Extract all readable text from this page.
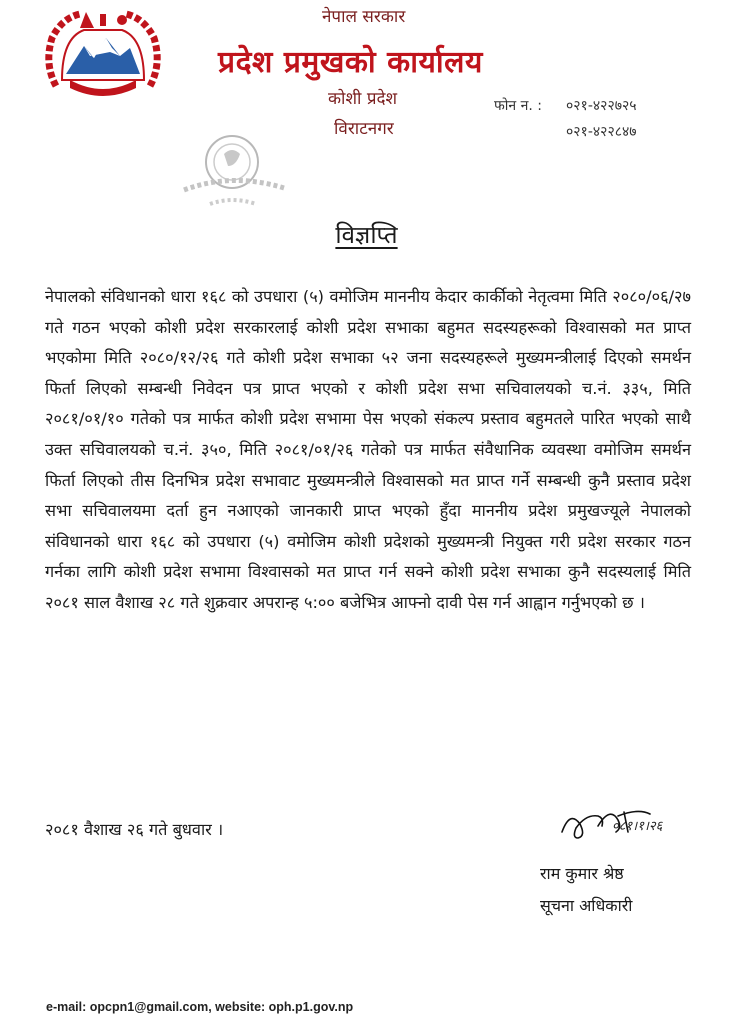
नेपाल सरकार
प्रदेश प्रमुखको कार्यालय
कोशी प्रदेश
विराटनगर
फोन न. : ०२१-४२२७२५
०२१-४२२८४७
विज्ञप्ति
नेपालको संविधानको धारा १६८ को उपधारा (५) वमोजिम माननीय केदार कार्कीको नेतृत्वमा मिति २०८०/०६/२७ गते गठन भएको कोशी प्रदेश सरकारलाई कोशी प्रदेश सभाका बहुमत सदस्यहरूको विश्वासको मत प्राप्त भएकोमा मिति २०८०/१२/२६ गते कोशी प्रदेश सभाका ५२ जना सदस्यहरूले मुख्यमन्त्रीलाई दिएको समर्थन फिर्ता लिएको सम्बन्धी निवेदन पत्र प्राप्त भएको र कोशी प्रदेश सभा सचिवालयको च.नं. ३३५, मिति २०८१/०१/१० गतेको पत्र मार्फत कोशी प्रदेश सभामा पेस भएको संकल्प प्रस्ताव बहुमतले पारित भएको साथै उक्त सचिवालयको च.नं. ३५०, मिति २०८१/०१/२६ गतेको पत्र मार्फत संवैधानिक व्यवस्था वमोजिम समर्थन फिर्ता लिएको तीस दिनभित्र प्रदेश सभावाट मुख्यमन्त्रीले विश्वासको मत प्राप्त गर्ने सम्बन्धी कुनै प्रस्ताव प्रदेश सभा सचिवालयमा दर्ता हुन नआएको जानकारी प्राप्त भएको हुँदा माननीय प्रदेश प्रमुखज्यूले नेपालको संविधानको धारा १६८ को उपधारा (५) वमोजिम कोशी प्रदेशको मुख्यमन्त्री नियुक्त गरी प्रदेश सरकार गठन गर्नका लागि कोशी प्रदेश सभामा विश्वासको मत प्राप्त गर्न सक्ने कोशी प्रदेश सभाका कुनै सदस्यलाई मिति २०८१ साल वैशाख २८ गते शुक्रवार अपरान्ह ५:०० बजेभित्र आफ्नो दावी पेस गर्न आह्वान गर्नुभएको छ ।
२०८१ वैशाख २६ गते बुधवार ।	०८१।१।२६
राम कुमार श्रेष्ठ
सूचना अधिकारी
e-mail: opcpn1@gmail.com, website: oph.p1.gov.np
